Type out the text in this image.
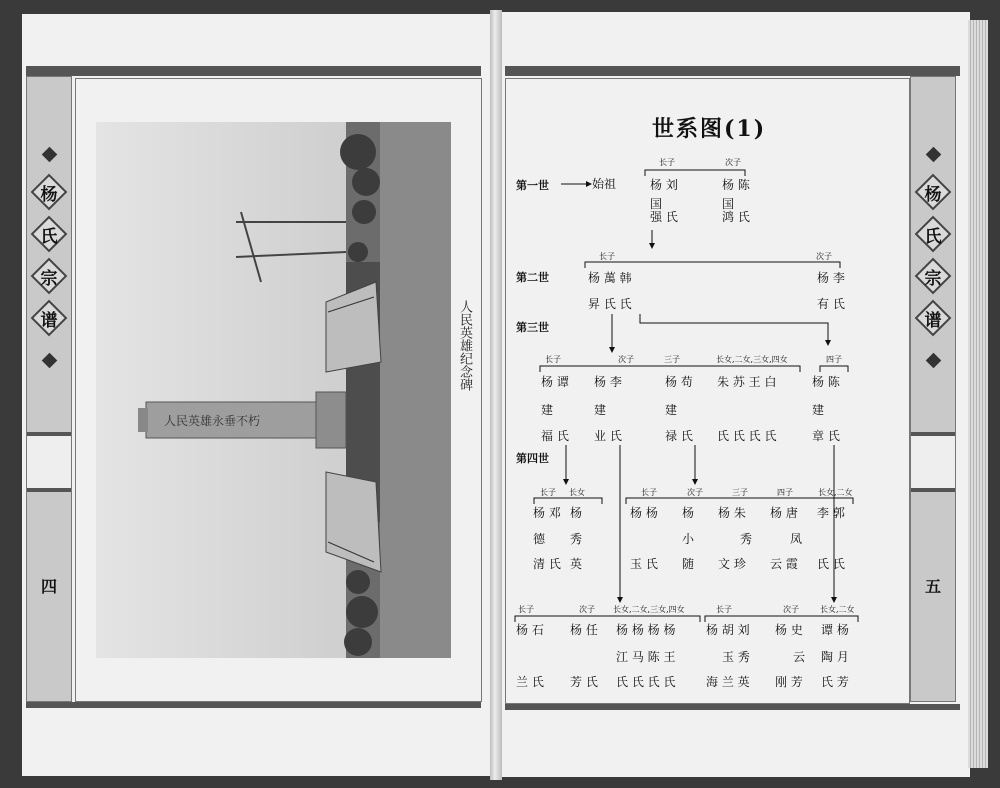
杨
氏
宗
谱
四
杨
氏
宗
谱
五
人民英雄永垂不朽
人民英雄纪念碑
世系图(1)
第一世
第二世
第三世
第四世
始祖
长子	次子
杨 刘
国
强 氏
杨 陈
国
鸿 氏
长子	次子
杨 萬 韩
昇 氏 氏
杨 李
有 氏
长子	次子	三子	长女,二女,三女,四女	四子
杨 谭
建
福 氏
杨 李
建
业 氏
杨 苟
建
禄 氏
朱 苏 王 白
氏 氏 氏 氏
杨 陈
建
章 氏
长子 长女	长子	次子	三子	四子	长女,二女
杨 邓
德
清 氏
杨
秀
英
杨 杨
玉 氏
杨
小
随
杨 朱
秀
文 珍
杨 唐
凤
云 霞
李 郭
氏 氏
长子	次子 长女,二女,三女,四女	长子	次子	长女,二女
杨 石
兰 氏
杨 任
芳 氏
杨 杨 杨 杨
江 马 陈 王
氏 氏 氏 氏
杨 胡 刘
玉 秀
海 兰 英
杨 史
云
刚 芳
谭 杨
陶 月
氏 芳
